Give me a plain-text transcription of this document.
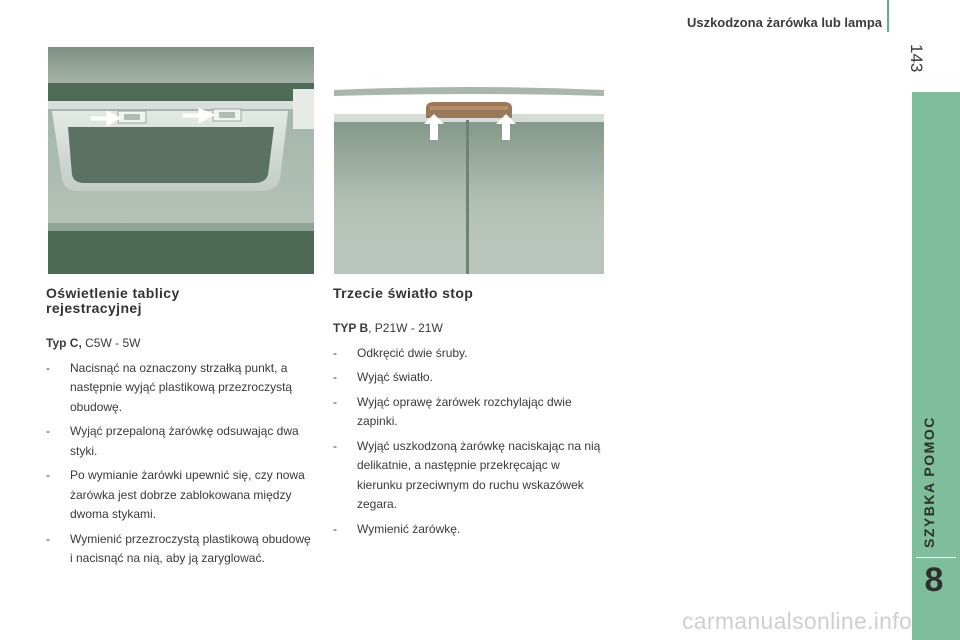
Uszkodzona żarówka lub lampa
143
SZYBKA POMOC
8
Oświetlenie tablicy
rejestracyjnej

Typ C, C5W - 5W

- Nacisnąć na oznaczony strzałką punkt, a następnie wyjąć plastikową przezroczystą obudowę.
- Wyjąć przepaloną żarówkę odsuwając dwa styki.
- Po wymianie żarówki upewnić się, czy nowa żarówka jest dobrze zablokowana między dwoma stykami.
- Wymienić przezroczystą plastikową obudowę i nacisnąć na nią, aby ją zaryglować.
Trzecie światło stop

TYP B, P21W - 21W

- Odkręcić dwie śruby.
- Wyjąć światło.
- Wyjąć oprawę żarówek rozchylając dwie zapinki.
- Wyjąć uszkodzoną żarówkę naciskając na nią delikatnie, a następnie przekręcając w kierunku przeciwnym do ruchu wskazówek zegara.
- Wymienić żarówkę.
carmanualsonline.info
